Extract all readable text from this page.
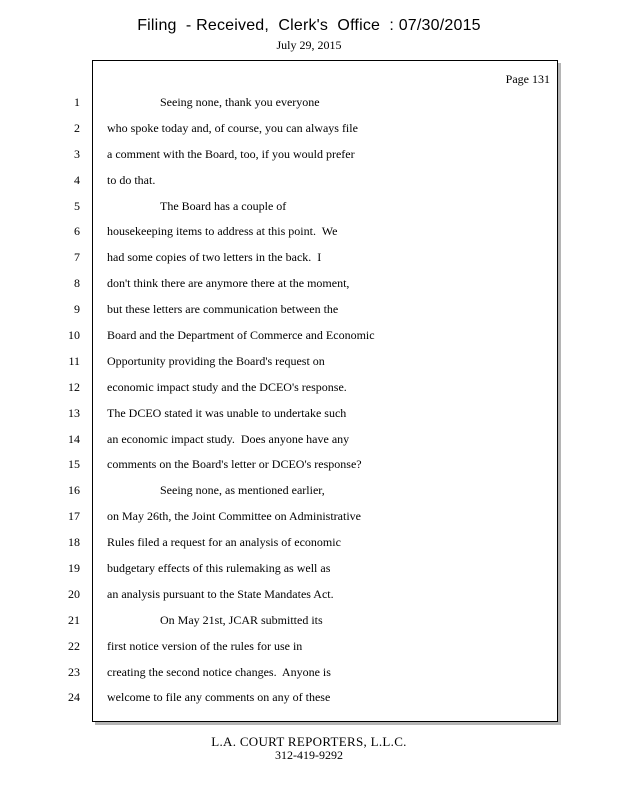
Filing  - Received,  Clerk's  Office  : 07/30/2015
July 29, 2015
Page 131
1
2
3
4
5
6
7
8
9
10
11
12
13
14
15
16
17
18
19
20
21
22
23
24
Seeing none, thank you everyone
who spoke today and, of course, you can always file
a comment with the Board, too, if you would prefer
to do that.
The Board has a couple of
housekeeping items to address at this point.  We
had some copies of two letters in the back.  I
don't think there are anymore there at the moment,
but these letters are communication between the
Board and the Department of Commerce and Economic
Opportunity providing the Board's request on
economic impact study and the DCEO's response.
The DCEO stated it was unable to undertake such
an economic impact study.  Does anyone have any
comments on the Board's letter or DCEO's response?
Seeing none, as mentioned earlier,
on May 26th, the Joint Committee on Administrative
Rules filed a request for an analysis of economic
budgetary effects of this rulemaking as well as
an analysis pursuant to the State Mandates Act.
On May 21st, JCAR submitted its
first notice version of the rules for use in
creating the second notice changes.  Anyone is
welcome to file any comments on any of these
L.A. COURT REPORTERS, L.L.C.
312-419-9292
